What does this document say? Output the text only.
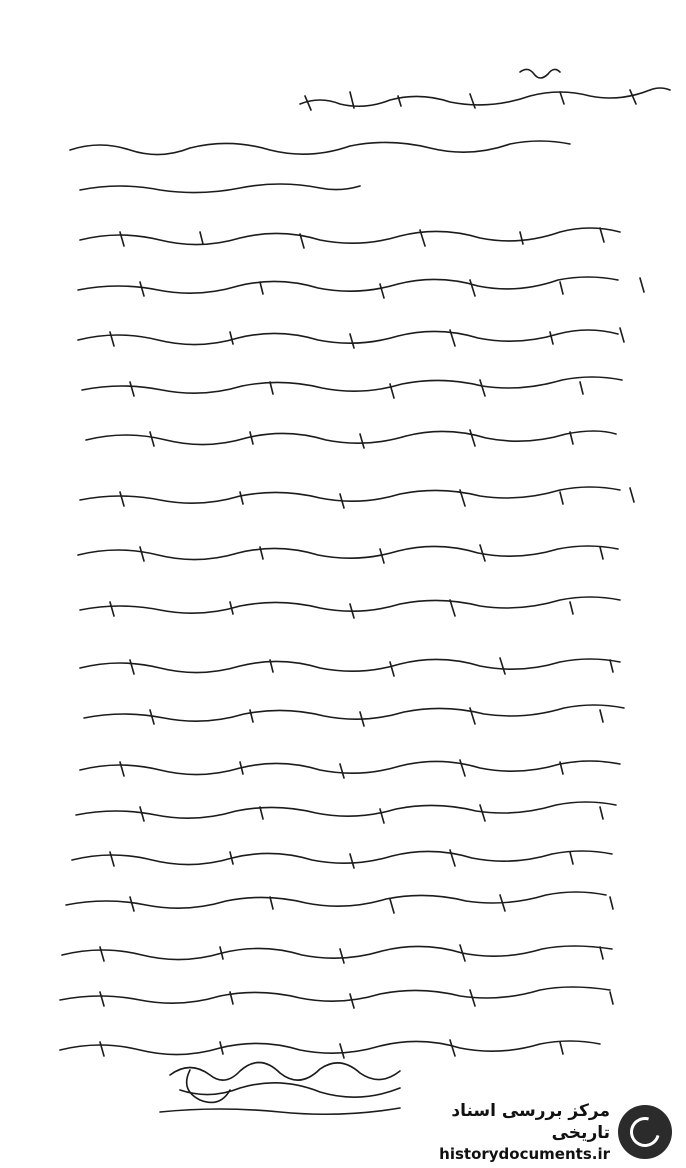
مرکز بررسی اسناد تاریخی
historydocuments.ir
